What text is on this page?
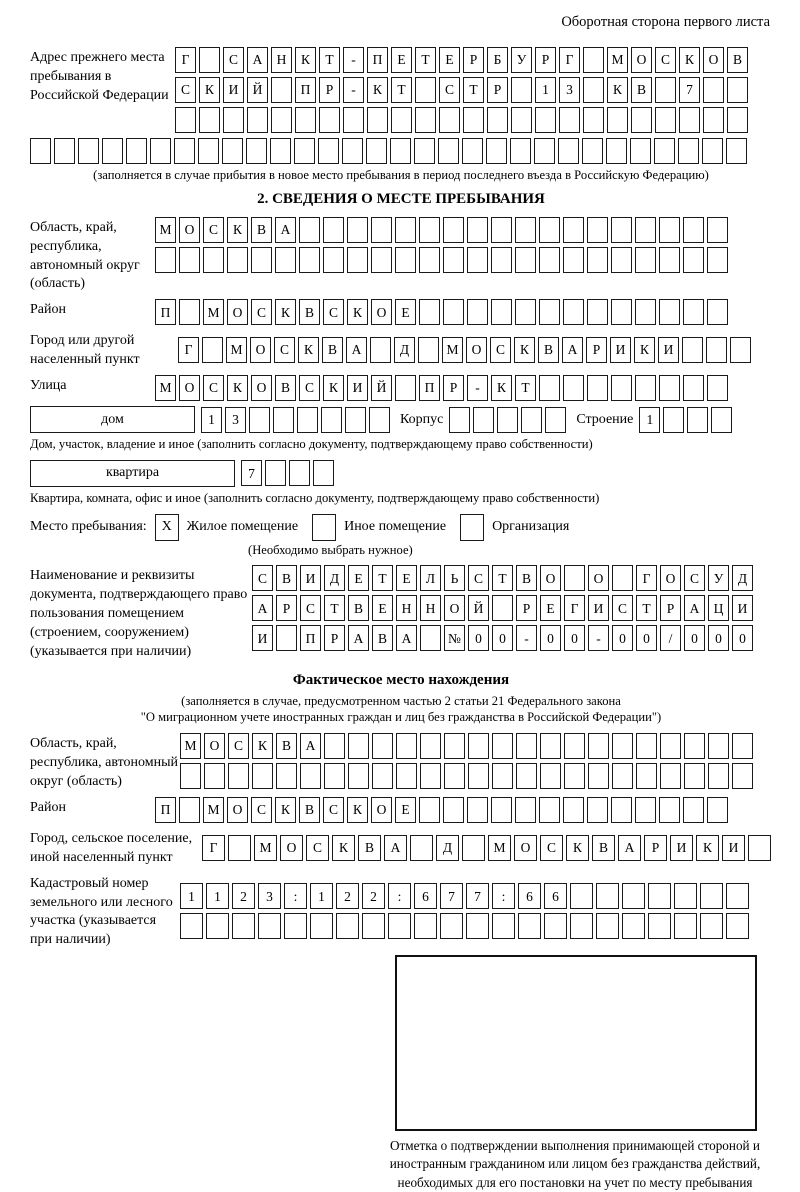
Оборотная сторона первого листа
Адрес прежнего места пребывания в Российской Федерации
Г	С	А	Н	К	Т	-	П	Е	Т	Е	Р	Б	У	Р	Г	М О	С	К	О	В
С	К	И	Й	П	Р	-	К	Т	С	Т	Р	1	3	К	В	7
(заполняется в случае прибытия в новое место пребывания в период последнего въезда в Российскую Федерацию)
2. СВЕДЕНИЯ О МЕСТЕ ПРЕБЫВАНИЯ
Область, край, республика, автономный округ (область)
М О	С	К	В	А
Район	П	М О	С	К	В	С	К	О	Е
Город или другой населенный пункт
Г	М О	С	К	В	А	Д	М О	С	К	В	А	Р	И	К	И
Улица	М О	С	К	О	В	С	К	И	Й	П	Р	-	К	Т
дом	1	3	Корпус	Строение 1
Дом, участок, владение и иное (заполнить согласно документу, подтверждающему право собственности)
квартира	7
Квартира, комната, офис и иное (заполнить согласно документу, подтверждающему право собственности)
Место пребывания:	X	Жилое помещение	Иное помещение	Организация
(Необходимо выбрать нужное)
Наименование и реквизиты документа, подтверждающего право пользования помещением (строением, сооружением) (указывается при наличии)
С	В	И	Д	Е	Т	Е	Л	Ь	С	Т	В	О	О	Г	О	С	У	Д
А	Р	С	Т	В	Е	Н	Н	О	Й	Р	Е	Г	И	С	Т	Р	А	Ц	И
И	П	Р	А	В	А	№	0	0	-	0	0	-	0	0	/	0	0	0
Фактическое место нахождения
(заполняется в случае, предусмотренном частью 2 статьи 21 Федерального закона
"О миграционном учете иностранных граждан и лиц без гражданства в Российской Федерации")
Область, край, республика, автономный округ (область)
М О	С	К	В	А
Район	П	М О	С	К	В	С	К	О	Е
Город, сельское поселение, иной населенный пункт
Г	М	О	С	К	В	А	Д	М	О	С	К	В	А	Р	И	К	И
Кадастровый номер земельного или лесного участка (указывается при наличии)
1	1	2	3	:	1	2	2	:	6	7	7	:	6	6
Отметка о подтверждении выполнения принимающей стороной и иностранным гражданином или лицом без гражданства действий, необходимых для его постановки на учет по месту пребывания
